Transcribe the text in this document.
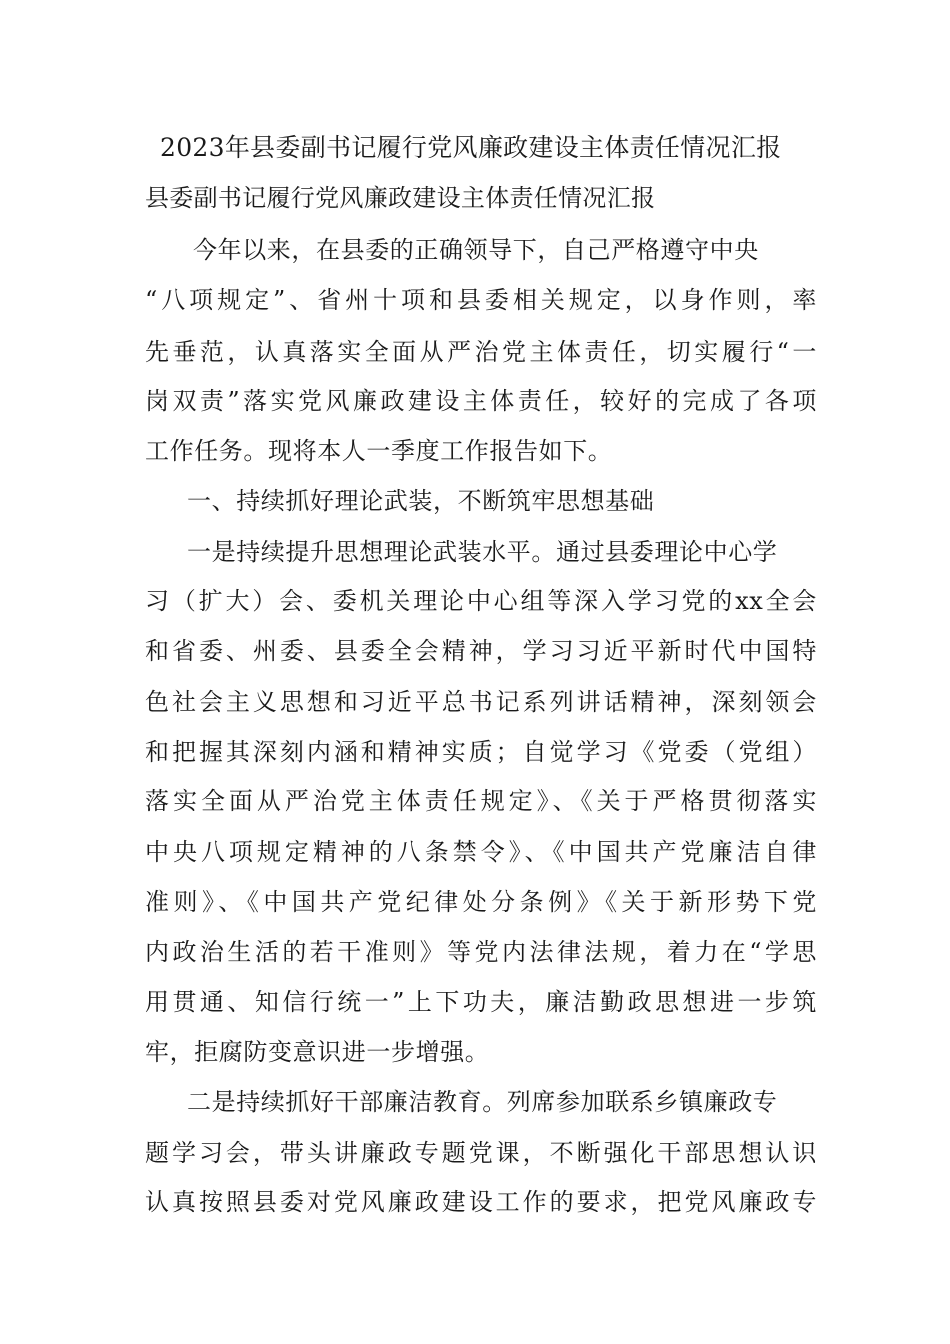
2023年县委副书记履行党风廉政建设主体责任情况汇报
县委副书记履行党风廉政建设主体责任情况汇报
今年以来，在县委的正确领导下，自己严格遵守中央
“八项规定”、省州十项和县委相关规定，以身作则，率
先垂范，认真落实全面从严治党主体责任，切实履行“一
岗双责”落实党风廉政建设主体责任，较好的完成了各项
工作任务。现将本人一季度工作报告如下。
一、持续抓好理论武装，不断筑牢思想基础
一是持续提升思想理论武装水平。通过县委理论中心学
习（扩大）会、委机关理论中心组等深入学习党的xx全会
和省委、州委、县委全会精神，学习习近平新时代中国特
色社会主义思想和习近平总书记系列讲话精神，深刻领会
和把握其深刻内涵和精神实质；自觉学习《党委（党组）
落实全面从严治党主体责任规定》、《关于严格贯彻落实
中央八项规定精神的八条禁令》、《中国共产党廉洁自律
准则》、《中国共产党纪律处分条例》《关于新形势下党
内政治生活的若干准则》等党内法律法规，着力在“学思
用贯通、知信行统一”上下功夫，廉洁勤政思想进一步筑
牢，拒腐防变意识进一步增强。
二是持续抓好干部廉洁教育。列席参加联系乡镇廉政专
题学习会，带头讲廉政专题党课，不断强化干部思想认识
认真按照县委对党风廉政建设工作的要求，把党风廉政专
